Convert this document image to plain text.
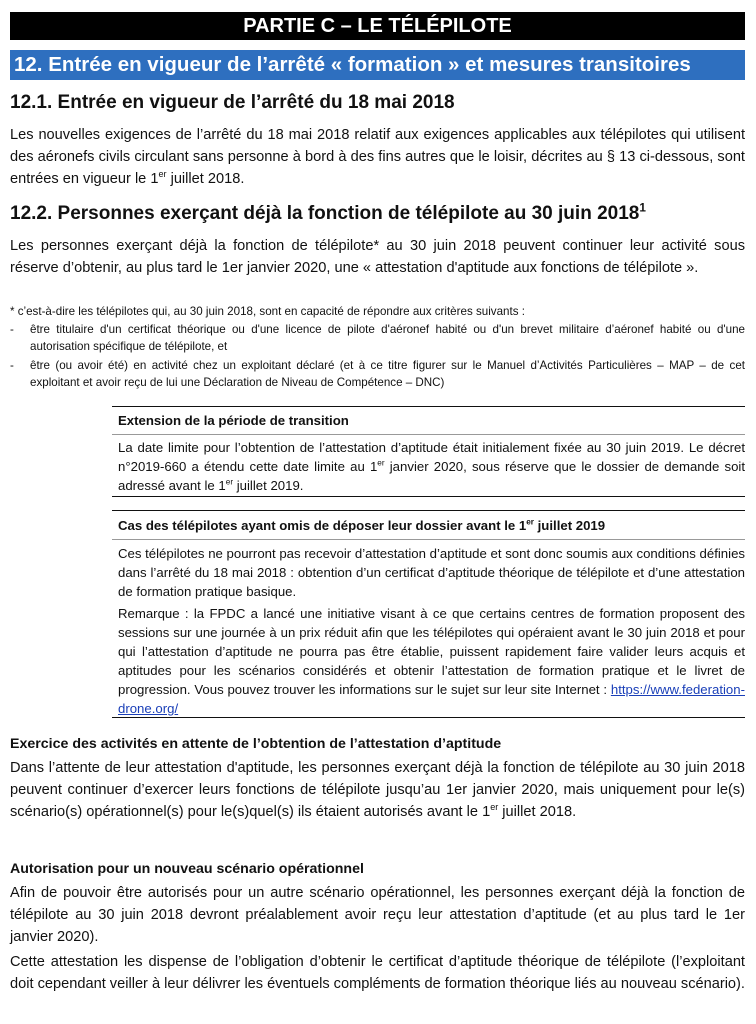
PARTIE C – LE TÉLÉPILOTE
12. Entrée en vigueur de l’arrêté « formation » et mesures transitoires
12.1. Entrée en vigueur de l’arrêté du 18 mai 2018

Les nouvelles exigences de l’arrêté du 18 mai 2018 relatif aux exigences applicables aux télépilotes qui utilisent des aéronefs civils circulant sans personne à bord à des fins autres que le loisir, décrites au § 13 ci-dessous, sont entrées en vigueur le 1er juillet 2018.

12.2. Personnes exerçant déjà la fonction de télépilote au 30 juin 2018$^1$

Les personnes exerçant déjà la fonction de télépilote* au 30 juin 2018 peuvent continuer leur activité sous réserve d’obtenir, au plus tard le 1er janvier 2020, une « attestation d'aptitude aux fonctions de télépilote ».

* c’est-à-dire les télépilotes qui, au 30 juin 2018, sont en capacité de répondre aux critères suivants :

- être titulaire d'un certificat théorique ou d'une licence de pilote d'aéronef habité ou d'un brevet militaire d’aéronef habité ou d'une autorisation spécifique de télépilote, et
- être (ou avoir été) en activité chez un exploitant déclaré (et à ce titre figurer sur le Manuel d’Activités Particulières – MAP – de cet exploitant et avoir reçu de lui une Déclaration de Niveau de Compétence – DNC)
Extension de la période de transition

La date limite pour l’obtention de l’attestation d’aptitude était initialement fixée au 30 juin 2019. Le décret n°2019-660 a étendu cette date limite au 1er janvier 2020, sous réserve que le dossier de demande soit adressé avant le 1er juillet 2019.

Cas des télépilotes ayant omis de déposer leur dossier avant le 1er juillet 2019

Ces télépilotes ne pourront pas recevoir d’attestation d’aptitude et sont donc soumis aux conditions définies dans l’arrêté du 18 mai 2018 : obtention d’un certificat d’aptitude théorique de télépilote et d’une attestation de formation pratique basique.

Remarque : la FPDC a lancé une initiative visant à ce que certains centres de formation proposent des sessions sur une journée à un prix réduit afin que les télépilotes qui opéraient avant le 30 juin 2018 et pour qui l’attestation d’aptitude ne pourra pas être établie, puissent rapidement faire valider leurs acquis et aptitudes pour les scénarios considérés et obtenir l’attestation de formation pratique et le livret de progression. Vous pouvez trouver les informations sur le sujet sur leur site Internet : https://www.federation-drone.org/

Exercice des activités en attente de l’obtention de l’attestation d’aptitude

Dans l’attente de leur attestation d'aptitude, les personnes exerçant déjà la fonction de télépilote au 30 juin 2018 peuvent continuer d’exercer leurs fonctions de télépilote jusqu’au 1er janvier 2020, mais uniquement pour le(s) scénario(s) opérationnel(s) pour le(s)quel(s) ils étaient autorisés avant le 1er juillet 2018.

Autorisation pour un nouveau scénario opérationnel

Afin de pouvoir être autorisés pour un autre scénario opérationnel, les personnes exerçant déjà la fonction de télépilote au 30 juin 2018 devront préalablement avoir reçu leur attestation d’aptitude (et au plus tard le 1er janvier 2020).

Cette attestation les dispense de l’obligation d’obtenir le certificat d’aptitude théorique de télépilote (l’exploitant doit cependant veiller à leur délivrer les éventuels compléments de formation théorique liés au nouveau scénario).
